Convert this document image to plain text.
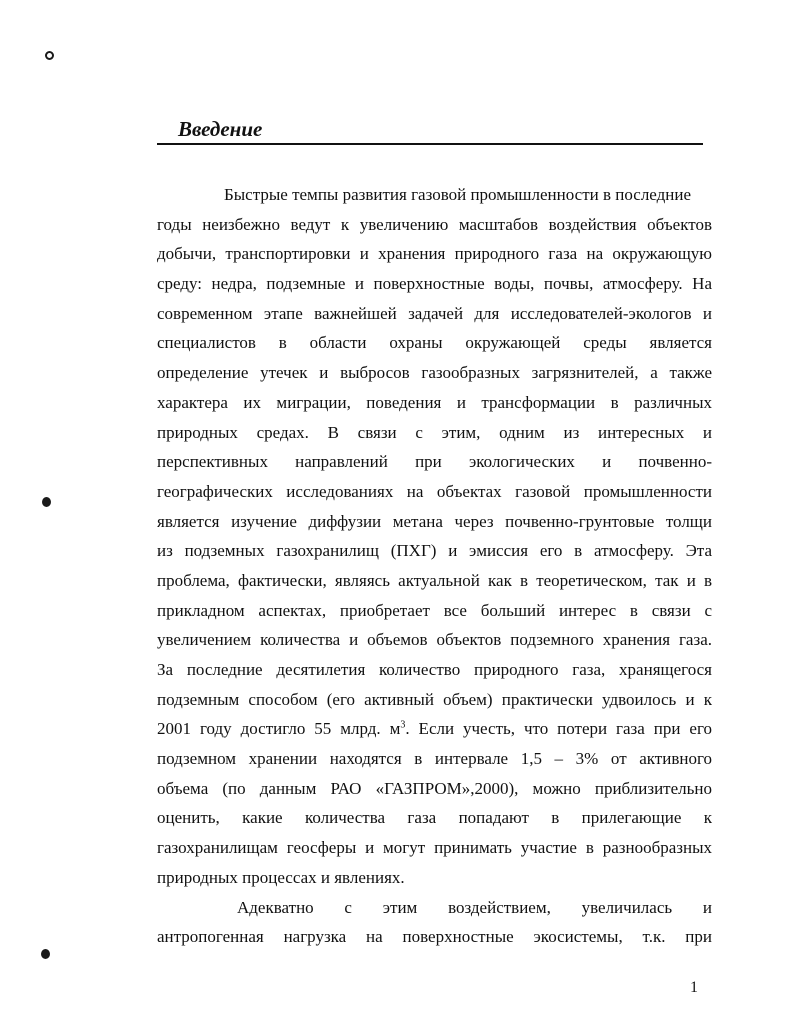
Введение
Быстрые темпы развития газовой промышленности в последние
годы неизбежно ведут к увеличению масштабов воздействия объектов
добычи, транспортировки и хранения природного газа на окружающую
среду: недра, подземные и поверхностные воды, почвы, атмосферу. На
современном этапе важнейшей задачей для исследователей-экологов и
специалистов в области охраны окружающей среды является
определение утечек и выбросов газообразных загрязнителей, а также
характера их миграции, поведения и трансформации в различных
природных средах. В связи с этим, одним из интересных и
перспективных направлений при экологических и почвенно-
географических исследованиях на объектах газовой промышленности
является изучение диффузии метана через почвенно-грунтовые толщи
из подземных газохранилищ (ПХГ) и эмиссия его в атмосферу. Эта
проблема, фактически, являясь актуальной как в теоретическом, так и в
прикладном аспектах, приобретает все больший интерес в связи с
увеличением количества и объемов объектов подземного хранения газа.
За последние десятилетия количество природного газа, хранящегося
подземным способом (его активный объем) практически удвоилось и к
2001 году достигло 55 млрд. $м^3$. Если учесть, что потери газа при его
подземном хранении находятся в интервале 1,5 – 3% от активного
объема (по данным РАО «ГАЗПРОМ»,2000), можно приблизительно
оценить, какие количества газа попадают в прилегающие к
газохранилищам геосферы и могут принимать участие в разнообразных
природных процессах и явлениях.
Адекватно с этим воздействием, увеличилась и
антропогенная нагрузка на поверхностные экосистемы, т.к. при
1
